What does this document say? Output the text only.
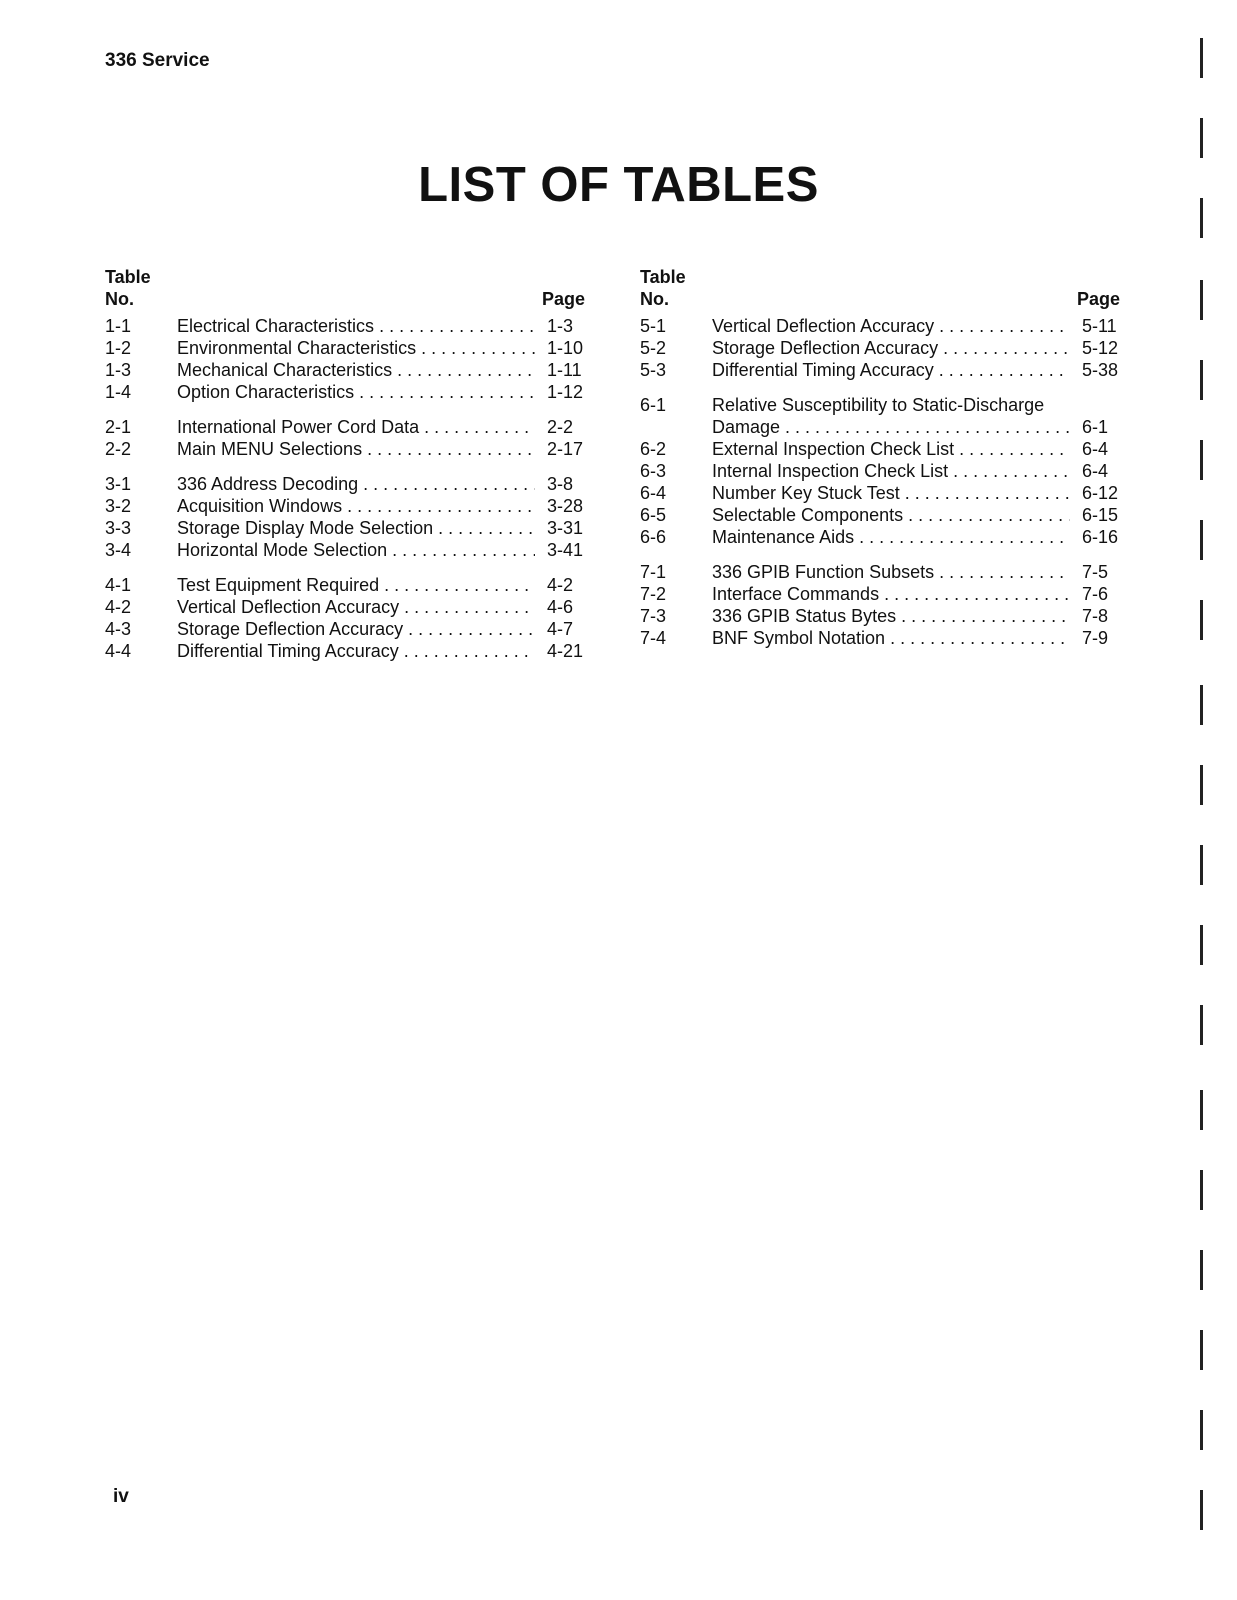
336 Service
LIST OF TABLES
Table
No.	Page
1-1	Electrical Characteristics . . .	1-3
1-2	Environmental Characteristics . . .	1-10
1-3	Mechanical Characteristics . . .	1-11
1-4	Option Characteristics . . .	1-12
2-1	International Power Cord Data . . .	2-2
2-2	Main MENU Selections . . .	2-17
3-1	336 Address Decoding . . .	3-8
3-2	Acquisition Windows . . .	3-28
3-3	Storage Display Mode Selection . . .	3-31
3-4	Horizontal Mode Selection . . .	3-41
4-1	Test Equipment Required . . .	4-2
4-2	Vertical Deflection Accuracy . . .	4-6
4-3	Storage Deflection Accuracy . . .	4-7
4-4	Differential Timing Accuracy . . .	4-21
Table
No.	Page
5-1	Vertical Deflection Accuracy . . .	5-11
5-2	Storage Deflection Accuracy . . .	5-12
5-3	Differential Timing Accuracy . . .	5-38
6-1	Relative Susceptibility to Static-Discharge
Damage . . .	6-1
6-2	External Inspection Check List . . .	6-4
6-3	Internal Inspection Check List . . .	6-4
6-4	Number Key Stuck Test . . .	6-12
6-5	Selectable Components . . .	6-15
6-6	Maintenance Aids . . .	6-16
7-1	336 GPIB Function Subsets . . .	7-5
7-2	Interface Commands . . .	7-6
7-3	336 GPIB Status Bytes . . .	7-8
7-4	BNF Symbol Notation . . .	7-9
iv
